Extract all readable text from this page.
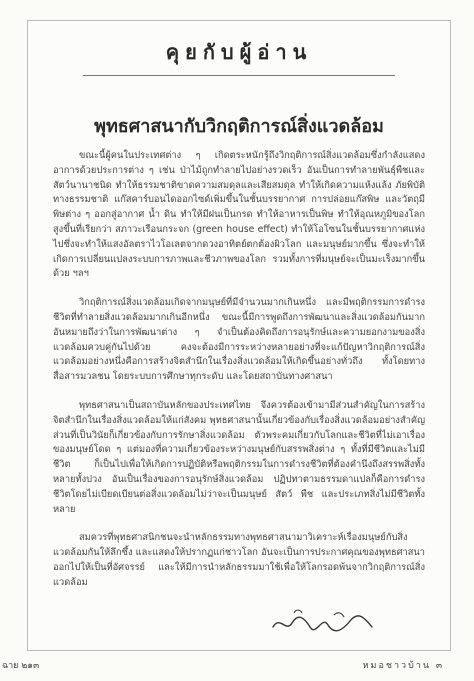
คุยกับผู้อ่าน
พุทธศาสนากับวิกฤติการณ์สิ่งแวดล้อม

ขณะนี้ผู้คนในประเทศต่าง ๆ เกิดตระหนักรู้ถึงวิกฤติการณ์สิ่งแวดล้อมซึ่งกำลังแสดงอาการด้วยประการต่าง ๆ เช่น ป่าไม้ถูกทำลายไปอย่างรวดเร็ว อันเป็นการทำลายพันธุ์พืชและสัตว์นานาชนิด ทำให้ธรรมชาติขาดความสมดุลและเสียสมดุล ทำให้เกิดความแห้งแล้ง ภัยพิบัติทางธรรมชาติ แก๊สคาร์บอนไดออกไซด์เพิ่มขึ้นในชั้นบรรยากาศ การปล่อยแก๊สพิษ และวัตถุมีพิษต่าง ๆ ออกสู่อากาศ น้ำ ดิน ทำให้มีฝนเป็นกรด ทำให้อาหารเป็นพิษ ทำให้อุณหภูมิของโลกสูงขึ้นที่เรียกว่า สภาวะเรือนกระจก (green house effect) ทำให้โอโซนในชั้นบรรยากาศแห่งไปซึ่งจะทำให้แสงอัลตราไวโอเลตจากดวงอาทิตย์ตกต้องผิวโลก และมนุษย์มากขึ้น ซึ่งจะทำให้เกิดการเปลี่ยนแปลงระบบการภาพและชีวภาพของโลก รวมทั้งการที่มนุษย์จะเป็นมะเร็งมากขึ้นด้วย ฯลฯ

วิกฤติการณ์สิ่งแวดล้อมเกิดจากมนุษย์ที่มีจำนวนมากเกินหนึ่ง และมีพฤติกรรมการดำรงชีวิตที่ทำลายสิ่งแวดล้อมมากเกินอีกหนึ่ง ขณะนี้มีการพูดถึงการพัฒนาและสิ่งแวดล้อมกันมาก อันหมายถึงว่าในการพัฒนาต่าง ๆ จำเป็นต้องคิดถึงการอนุรักษ์และความยอกงามของสิ่งแวดล้อมควบคู่กันไปด้วย คงจะต้องมีการระหว่างหลายอย่างที่จะแก้ปัญหาวิกฤติการณ์สิ่งแวดล้อมอย่างหนึ่งคือการสร้างจิตสำนึกในเรื่องสิ่งแวดล้อมให้เกิดขึ้นอย่างทั่วถึง ทั้งโดยทางสื่อสารมวลชน โดยระบบการศึกษาทุกระดับ และโดยสถาบันทางศาสนา

พุทธศาสนาเป็นสถาบันหลักของประเทศไทย จึงควรต้องเข้ามามีส่วนสำคัญในการสร้างจิตสำนึกในเรื่องสิ่งแวดล้อมให้แก่สังคม พุทธศาสนานั้นเกี่ยวข้องกับเรื่องสิ่งแวดล้อมอย่างสำคัญ ส่วนที่เป็นวินัยก็เกี่ยวข้องกับการรักษาสิ่งแวดล้อม ตัวพระคมเกี่ยวกับโลกและชีวิตที่ไม่เอาเรื่องของมนุษย์โดด ๆ แต่มองที่ความเกี่ยวข้องระหว่างมนุษย์กับสรรพสิ่งต่าง ๆ ทั้งที่มีชีวิตและไม่มีชีวิต ก็เป็นไปเพื่อให้เกิดการปฏิบัติหรือพฤติกรรมในการดำรงชีวิตที่ต้องคำนึงถึงสรรพสิ่งทั้งหลายทั้งปวง อันเป็นเรื่องของการอนุรักษ์สิ่งแวดล้อม ปฏิปทาตามธรรมดาแปลก็คือการดำรงชีวิตโดยไม่เบียดเบียนต่อสิ่งแวดล้อมไม่ว่าจะเป็นมนุษย์ สัตว์ พืช และประเภทสิ่งไม่มีชีวิตทั้งหลาย

สมควรที่พุทธศาสนิกชนจะนำหลักธรรมทางพุทธศาสนามาวิเคราะห์เรื่องมนุษย์กับสิ่งแวดล้อมกันให้ลึกซึ้ง และแสดงให้ปรากฏแก่ชาวโลก อันจะเป็นการประกาศคุณของพุทธศาสนาออกไปให้เป็นที่อัศจรรย์ และให้มีการนำหลักธรรมมาใช้เพื่อให้โลกรอดพ้นจากวิกฤติการณ์สิ่งแวดล้อม

ฉาย ๒๑๓	หมอชาวบ้าน ๓
